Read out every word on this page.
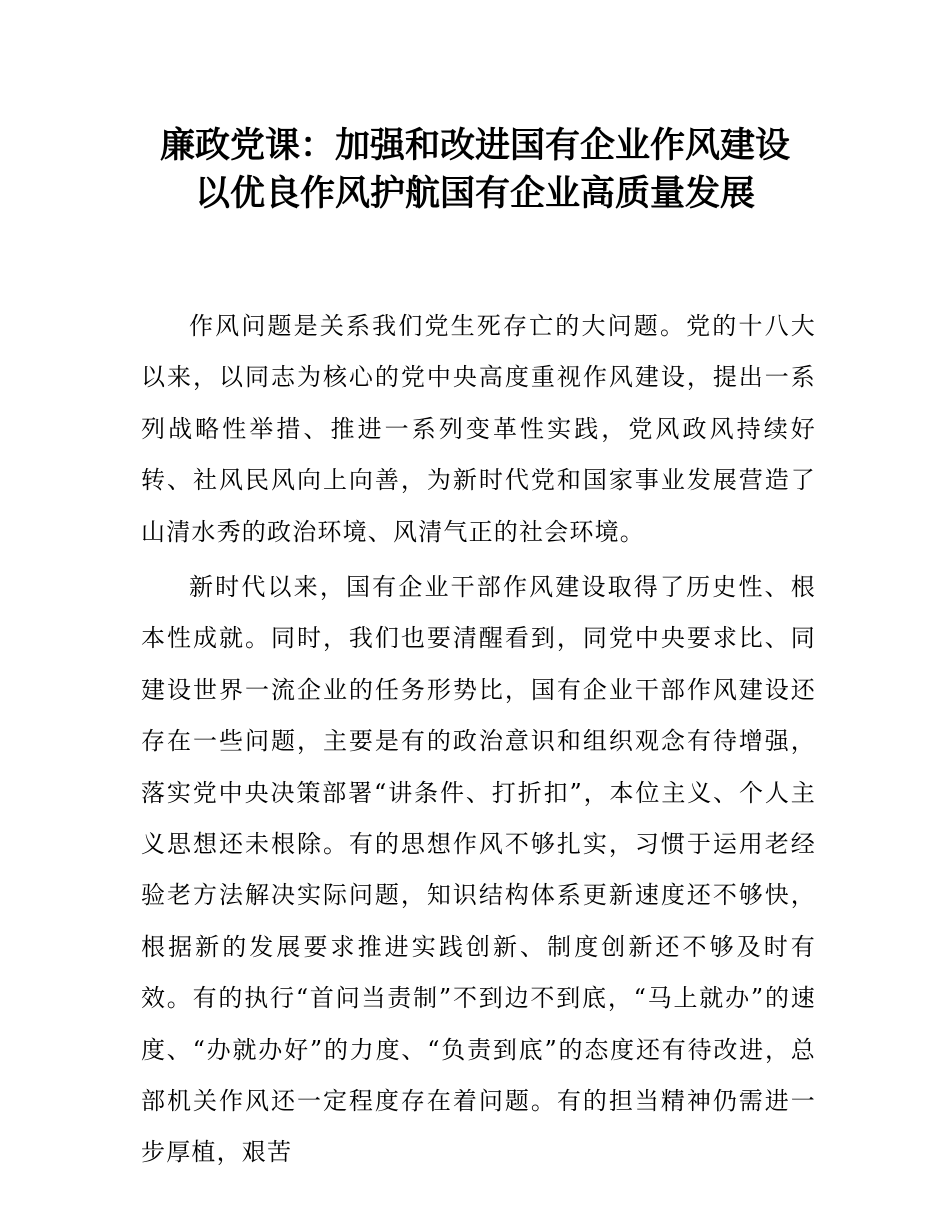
廉政党课：加强和改进国有企业作风建设
以优良作风护航国有企业高质量发展

作风问题是关系我们党生死存亡的大问题。党的十八大以来，以同志为核心的党中央高度重视作风建设，提出一系列战略性举措、推进一系列变革性实践，党风政风持续好转、社风民风向上向善，为新时代党和国家事业发展营造了山清水秀的政治环境、风清气正的社会环境。

新时代以来，国有企业干部作风建设取得了历史性、根本性成就。同时，我们也要清醒看到，同党中央要求比、同建设世界一流企业的任务形势比，国有企业干部作风建设还存在一些问题，主要是有的政治意识和组织观念有待增强，落实党中央决策部署“讲条件、打折扣”，本位主义、个人主义思想还未根除。有的思想作风不够扎实，习惯于运用老经验老方法解决实际问题，知识结构体系更新速度还不够快，根据新的发展要求推进实践创新、制度创新还不够及时有效。有的执行“首问当责制”不到边不到底，“马上就办”的速度、“办就办好”的力度、“负责到底”的态度还有待改进，总部机关作风还一定程度存在着问题。有的担当精神仍需进一步厚植，艰苦
